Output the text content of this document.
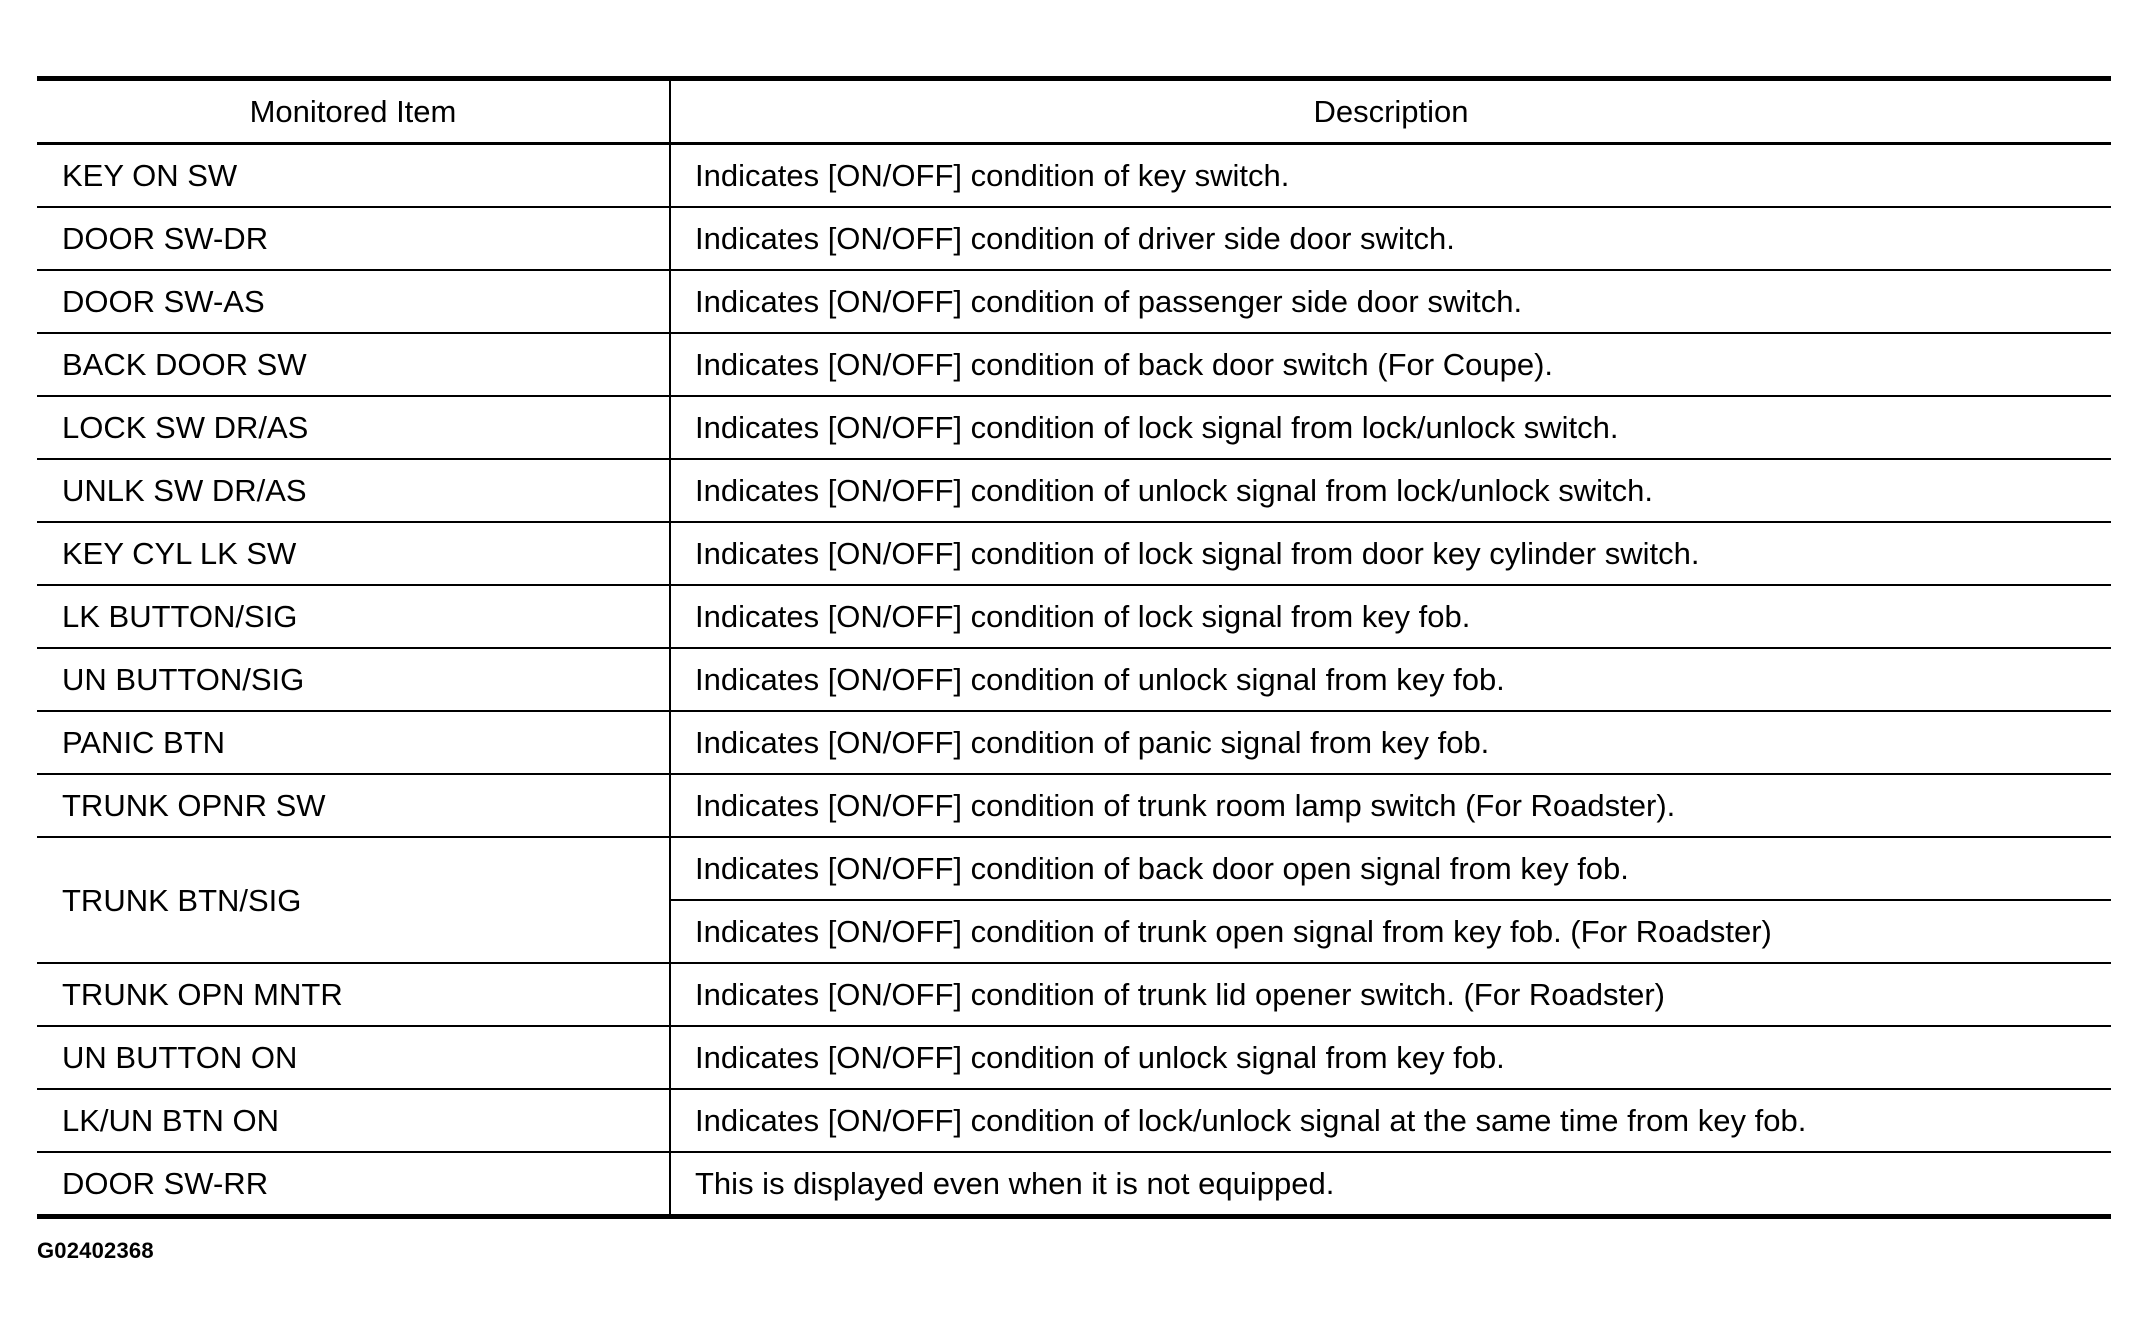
Monitored Item	Description
KEY ON SW	Indicates [ON/OFF] condition of key switch.
DOOR SW-DR	Indicates [ON/OFF] condition of driver side door switch.
DOOR SW-AS	Indicates [ON/OFF] condition of passenger side door switch.
BACK DOOR SW	Indicates [ON/OFF] condition of back door switch (For Coupe).
LOCK SW DR/AS	Indicates [ON/OFF] condition of lock signal from lock/unlock switch.
UNLK SW DR/AS	Indicates [ON/OFF] condition of unlock signal from lock/unlock switch.
KEY CYL LK SW	Indicates [ON/OFF] condition of lock signal from door key cylinder switch.
LK BUTTON/SIG	Indicates [ON/OFF] condition of lock signal from key fob.
UN BUTTON/SIG	Indicates [ON/OFF] condition of unlock signal from key fob.
PANIC BTN	Indicates [ON/OFF] condition of panic signal from key fob.
TRUNK OPNR SW	Indicates [ON/OFF] condition of trunk room lamp switch (For Roadster).
TRUNK BTN/SIG	Indicates [ON/OFF] condition of back door open signal from key fob.
	Indicates [ON/OFF] condition of trunk open signal from key fob. (For Roadster)
TRUNK OPN MNTR	Indicates [ON/OFF] condition of trunk lid opener switch. (For Roadster)
UN BUTTON ON	Indicates [ON/OFF] condition of unlock signal from key fob.
LK/UN BTN ON	Indicates [ON/OFF] condition of lock/unlock signal at the same time from key fob.
DOOR SW-RR	This is displayed even when it is not equipped.
G02402368
